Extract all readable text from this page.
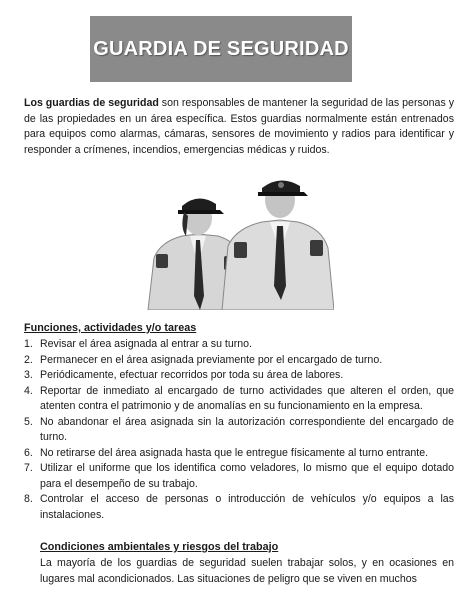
GUARDIA DE SEGURIDAD

Los guardias de seguridad son responsables de mantener la seguridad de las personas y de las propiedades en un área específica. Estos guardias normalmente están entrenados para equipos como alarmas, cámaras, sensores de movimiento y radios para identificar y responder a crímenes, incendios, emergencias médicas y ruidos.

Funciones, actividades y/o tareas
1. Revisar el área asignada al entrar a su turno.
2. Permanecer en el área asignada previamente por el encargado de turno.
3. Periódicamente, efectuar recorridos por toda su área de labores.
4. Reportar de inmediato al encargado de turno actividades que alteren el orden, que atenten contra el patrimonio y de anomalías en su funcionamiento en la empresa.
5. No abandonar el área asignada sin la autorización correspondiente del encargado de turno.
6. No retirarse del área asignada hasta que le entregue físicamente al turno entrante.
7. Utilizar el uniforme que los identifica como veladores, lo mismo que el equipo dotado para el desempeño de su trabajo.
8. Controlar el acceso de personas o introducción de vehículos y/o equipos a las instalaciones.
Condiciones ambientales y riesgos del trabajo

La mayoría de los guardias de seguridad suelen trabajar solos, y en ocasiones en lugares mal acondicionados. Las situaciones de peligro que se viven en muchos
